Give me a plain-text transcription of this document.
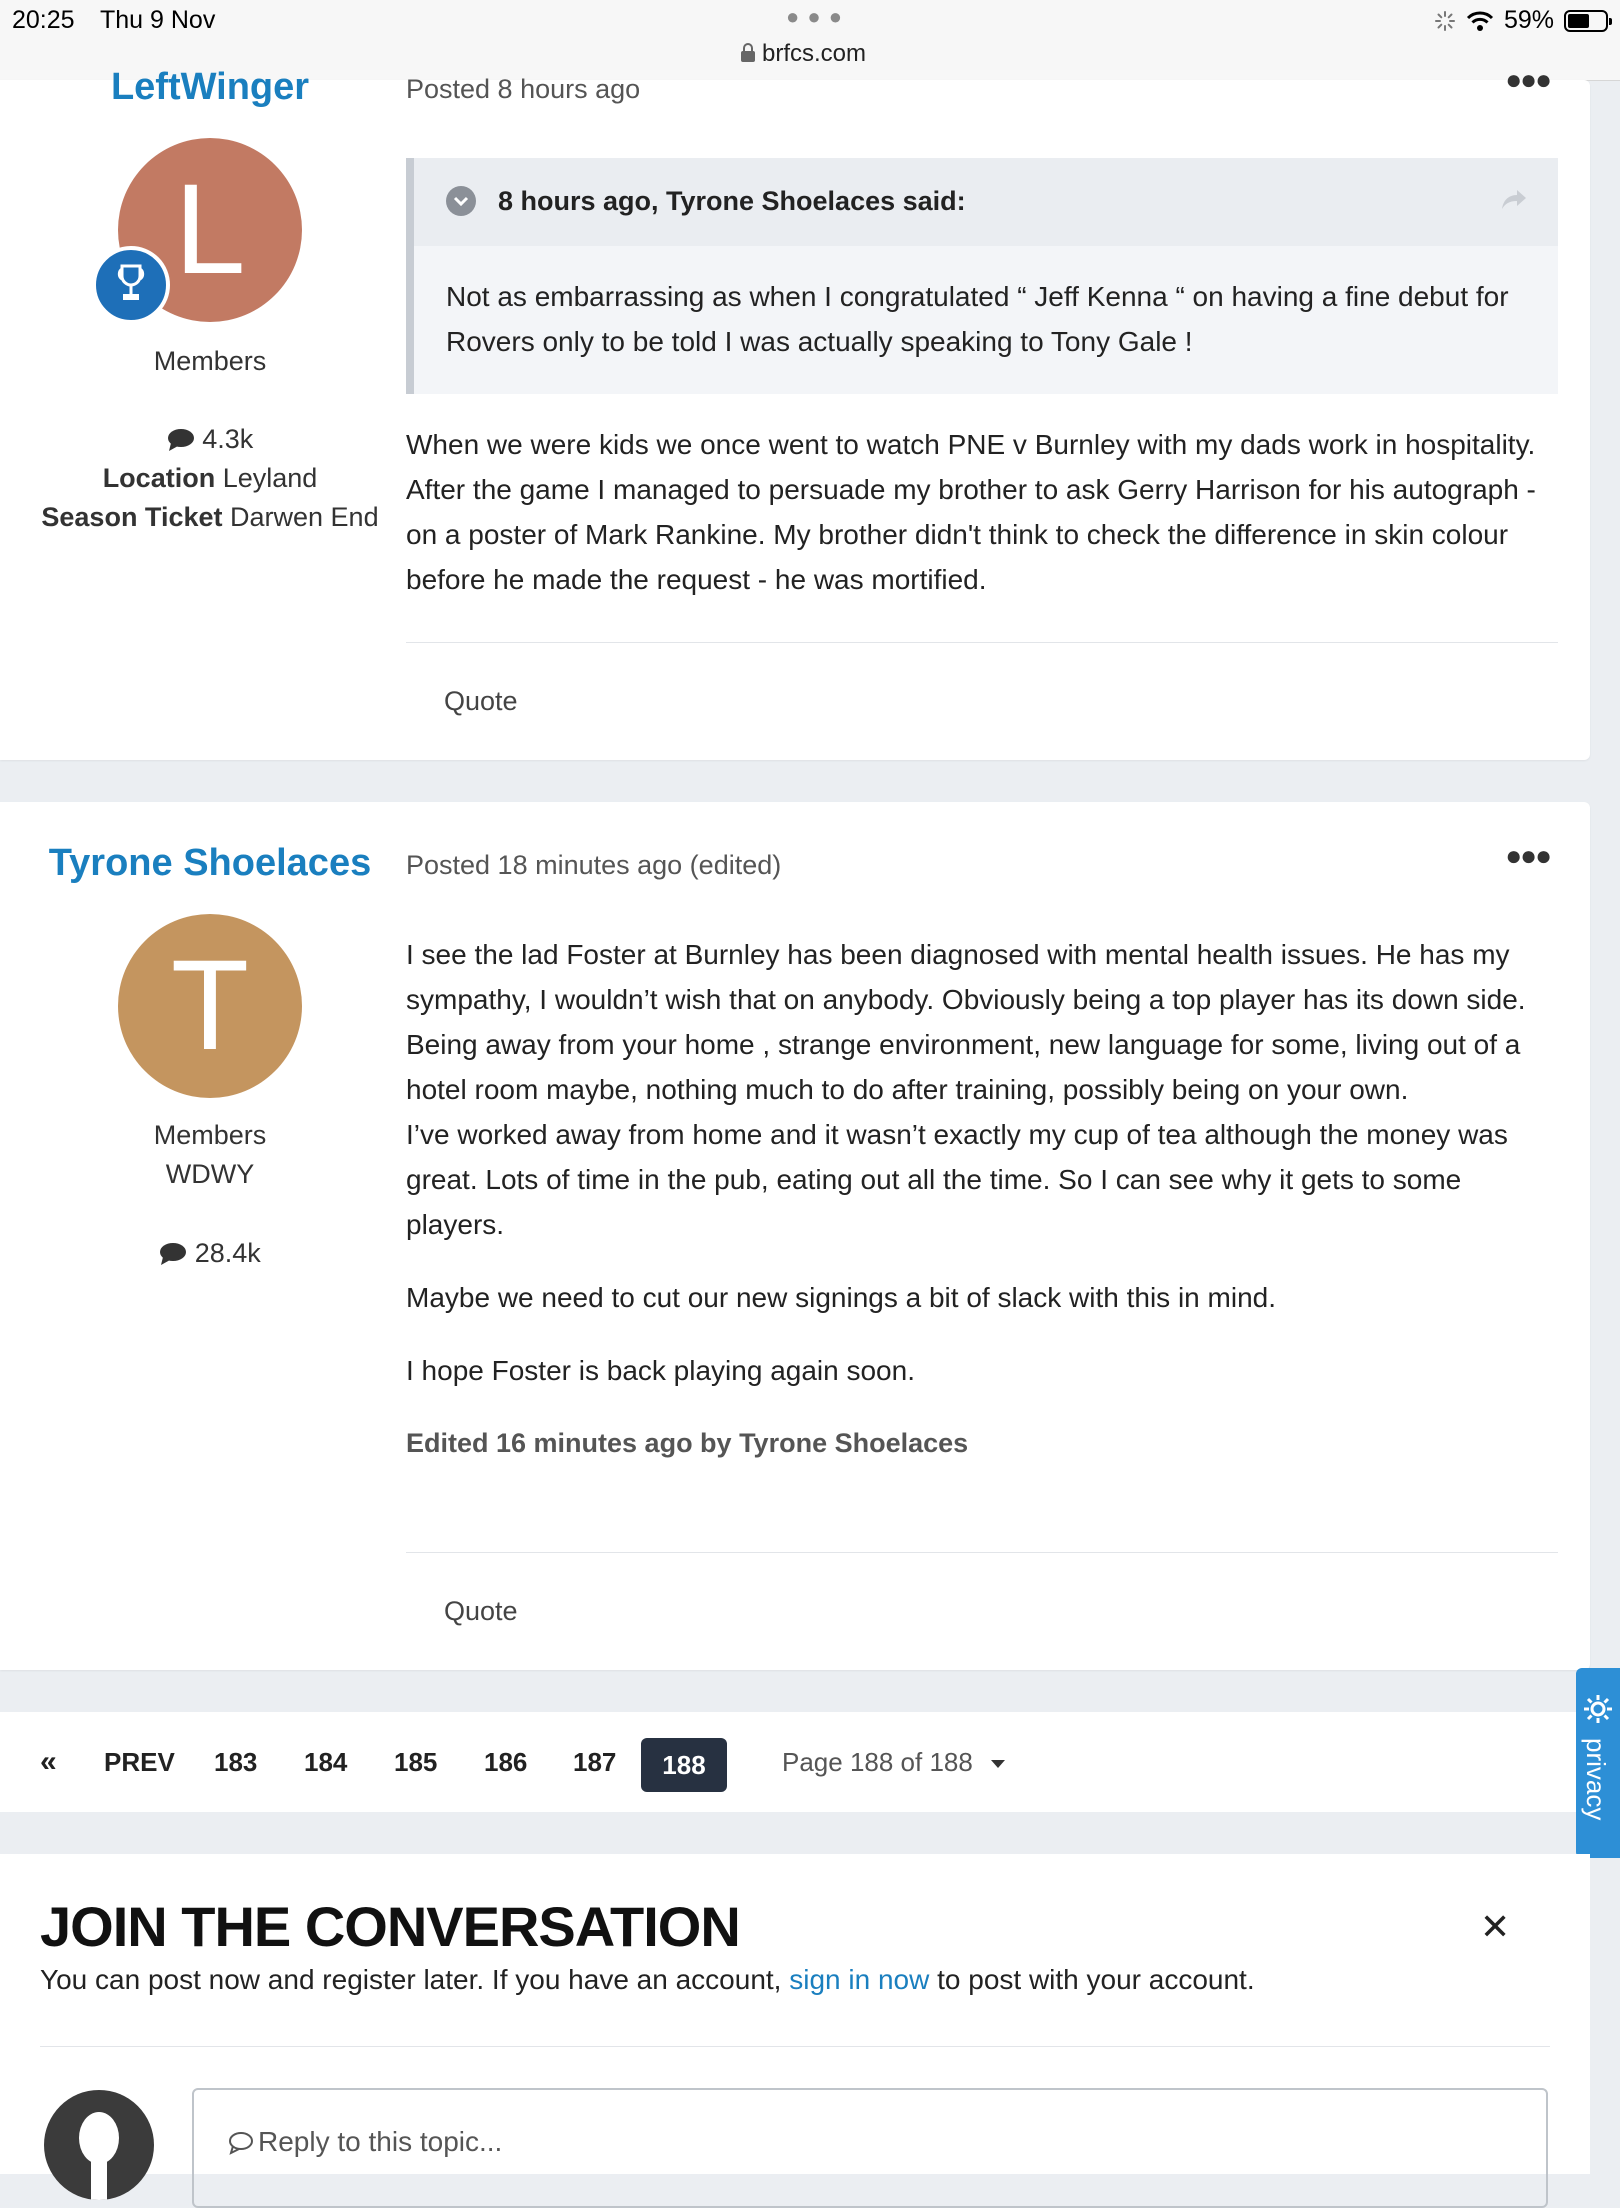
20:25 Thu 9 Nov	● ● ●
brfcs.com
59%
LeftWinger
L
Members
4.3k
Location Leyland
Season Ticket Darwen End
Posted 8 hours ago	●●●
8 hours ago, Tyrone Shoelaces said:
Not as embarrassing as when I congratulated “ Jeff Kenna “ on having a fine debut for Rovers only to be told I was actually speaking to Tony Gale !
When we were kids we once went to watch PNE v Burnley with my dads work in hospitality. After the game I managed to persuade my brother to ask Gerry Harrison for his autograph - on a poster of Mark Rankine. My brother didn't think to check the difference in skin colour before he made the request - he was mortified.
Quote
Tyrone Shoelaces
T
Members
WDWY
28.4k
Posted 18 minutes ago (edited)	●●●

I see the lad Foster at Burnley has been diagnosed with mental health issues. He has my sympathy, I wouldn’t wish that on anybody. Obviously being a top player has its down side. Being away from your home , strange environment, new language for some, living out of a hotel room maybe, nothing much to do after training, possibly being on your own.

I’ve worked away from home and it wasn’t exactly my cup of tea although the money was great. Lots of time in the pub, eating out all the time. So I can see why it gets to some players.

Maybe we need to cut our new signings a bit of slack with this in mind.

I hope Foster is back playing again soon.

Edited 16 minutes ago by Tyrone Shoelaces

Quote
« PREV 183 184 185 186 187	188	Page 188 of 188	privacy
JOIN THE CONVERSATION	✕
You can post now and register later. If you have an account, sign in now to post with your account.
Reply to this topic...
